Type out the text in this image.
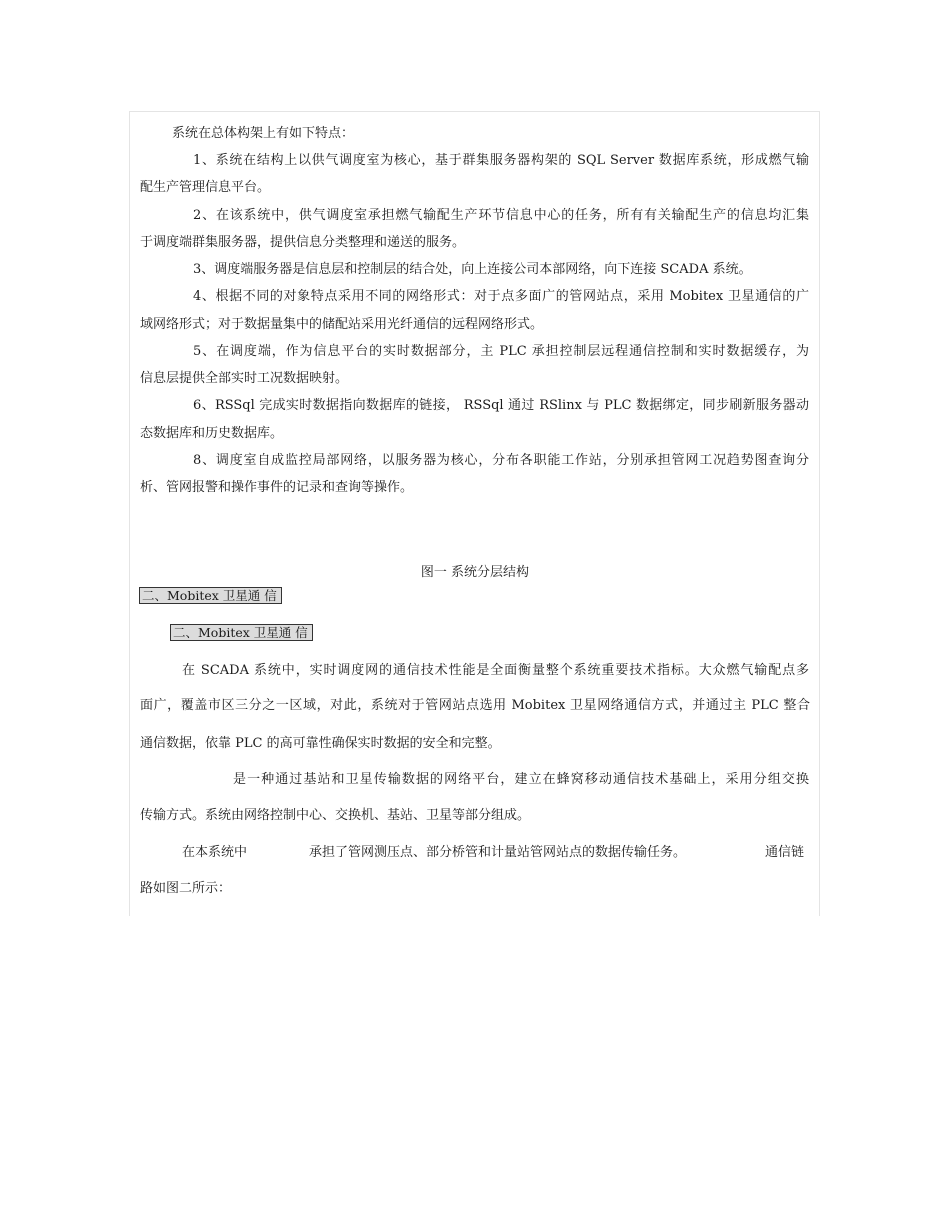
系统在总体构架上有如下特点：
1、系统在结构上以供气调度室为核心，基于群集服务器构架的 SQL Server 数据库系统，形成燃气输
配生产管理信息平台。
2、在该系统中，供气调度室承担燃气输配生产环节信息中心的任务，所有有关输配生产的信息均汇集
于调度端群集服务器，提供信息分类整理和递送的服务。
3、调度端服务器是信息层和控制层的结合处，向上连接公司本部网络，向下连接 SCADA 系统。
4、根据不同的对象特点采用不同的网络形式：对于点多面广的管网站点，采用 Mobitex 卫星通信的广
域网络形式；对于数据量集中的储配站采用光纤通信的远程网络形式。
5、在调度端，作为信息平台的实时数据部分，主 PLC 承担控制层远程通信控制和实时数据缓存，为
信息层提供全部实时工况数据映射。
6、RSSql 完成实时数据指向数据库的链接， RSSql 通过 RSlinx 与 PLC 数据绑定，同步刷新服务器动
态数据库和历史数据库。
8、调度室自成监控局部网络，以服务器为核心，分布各职能工作站，分别承担管网工况趋势图查询分
析、管网报警和操作事件的记录和查询等操作。
图一 系统分层结构
二、Mobitex 卫星通 信
二、Mobitex 卫星通 信
在 SCADA 系统中，实时调度网的通信技术性能是全面衡量整个系统重要技术指标。大众燃气输配点多
面广，覆盖市区三分之一区域，对此，系统对于管网站点选用 Mobitex 卫星网络通信方式，并通过主 PLC 整合
通信数据，依靠 PLC 的高可靠性确保实时数据的安全和完整。
是一种通过基站和卫星传输数据的网络平台，建立在蜂窝移动通信技术基础上，采用分组交换
传输方式。系统由网络控制中心、交换机、基站、卫星等部分组成。
在本系统中	承担了管网测压点、部分桥管和计量站管网站点的数据传输任务。	通信链
路如图二所示：
